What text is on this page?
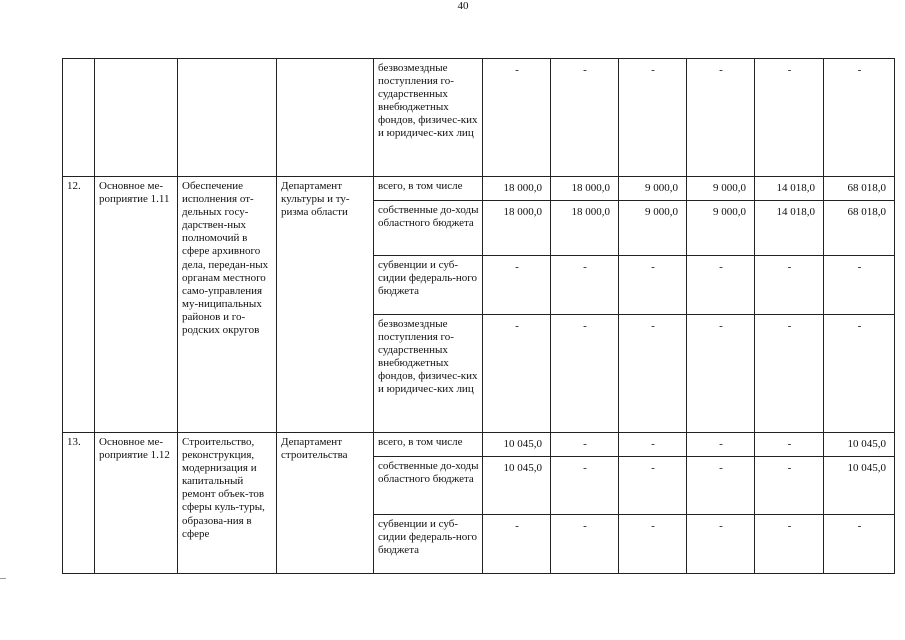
40
				безвозмездные поступления го-сударственных внебюджетных фондов, физичес-ких и юридичес-ких лиц	-	-	-	-	-	-
12.	Основное ме-роприятие 1.11	Обеспечение исполнения от-дельных госу-дарствен-ных полномочий в сфере архивного дела, передан-ных органам местного само-управления му-ниципальных районов и го-родских округов	Департамент культуры и ту-ризма области	всего, в том числе	18 000,0	18 000,0	9 000,0	9 000,0	14 018,0	68 018,0
				собственные до-ходы областного бюджета	18 000,0	18 000,0	9 000,0	9 000,0	14 018,0	68 018,0
				субвенции и суб-сидии федераль-ного бюджета	-	-	-	-	-	-
				безвозмездные поступления го-сударственных внебюджетных фондов, физичес-ких и юридичес-ких лиц	-	-	-	-	-	-
13.	Основное ме-роприятие 1.12	Строительство, реконструкция, модернизация и капитальный ремонт объек-тов сферы куль-туры, образова-ния в сфере	Департамент строительства	всего, в том числе	10 045,0	-	-	-	-	10 045,0
				собственные до-ходы областного бюджета	10 045,0	-	-	-	-	10 045,0
				субвенции и суб-сидии федераль-ного бюджета	-	-	-	-	-	-
